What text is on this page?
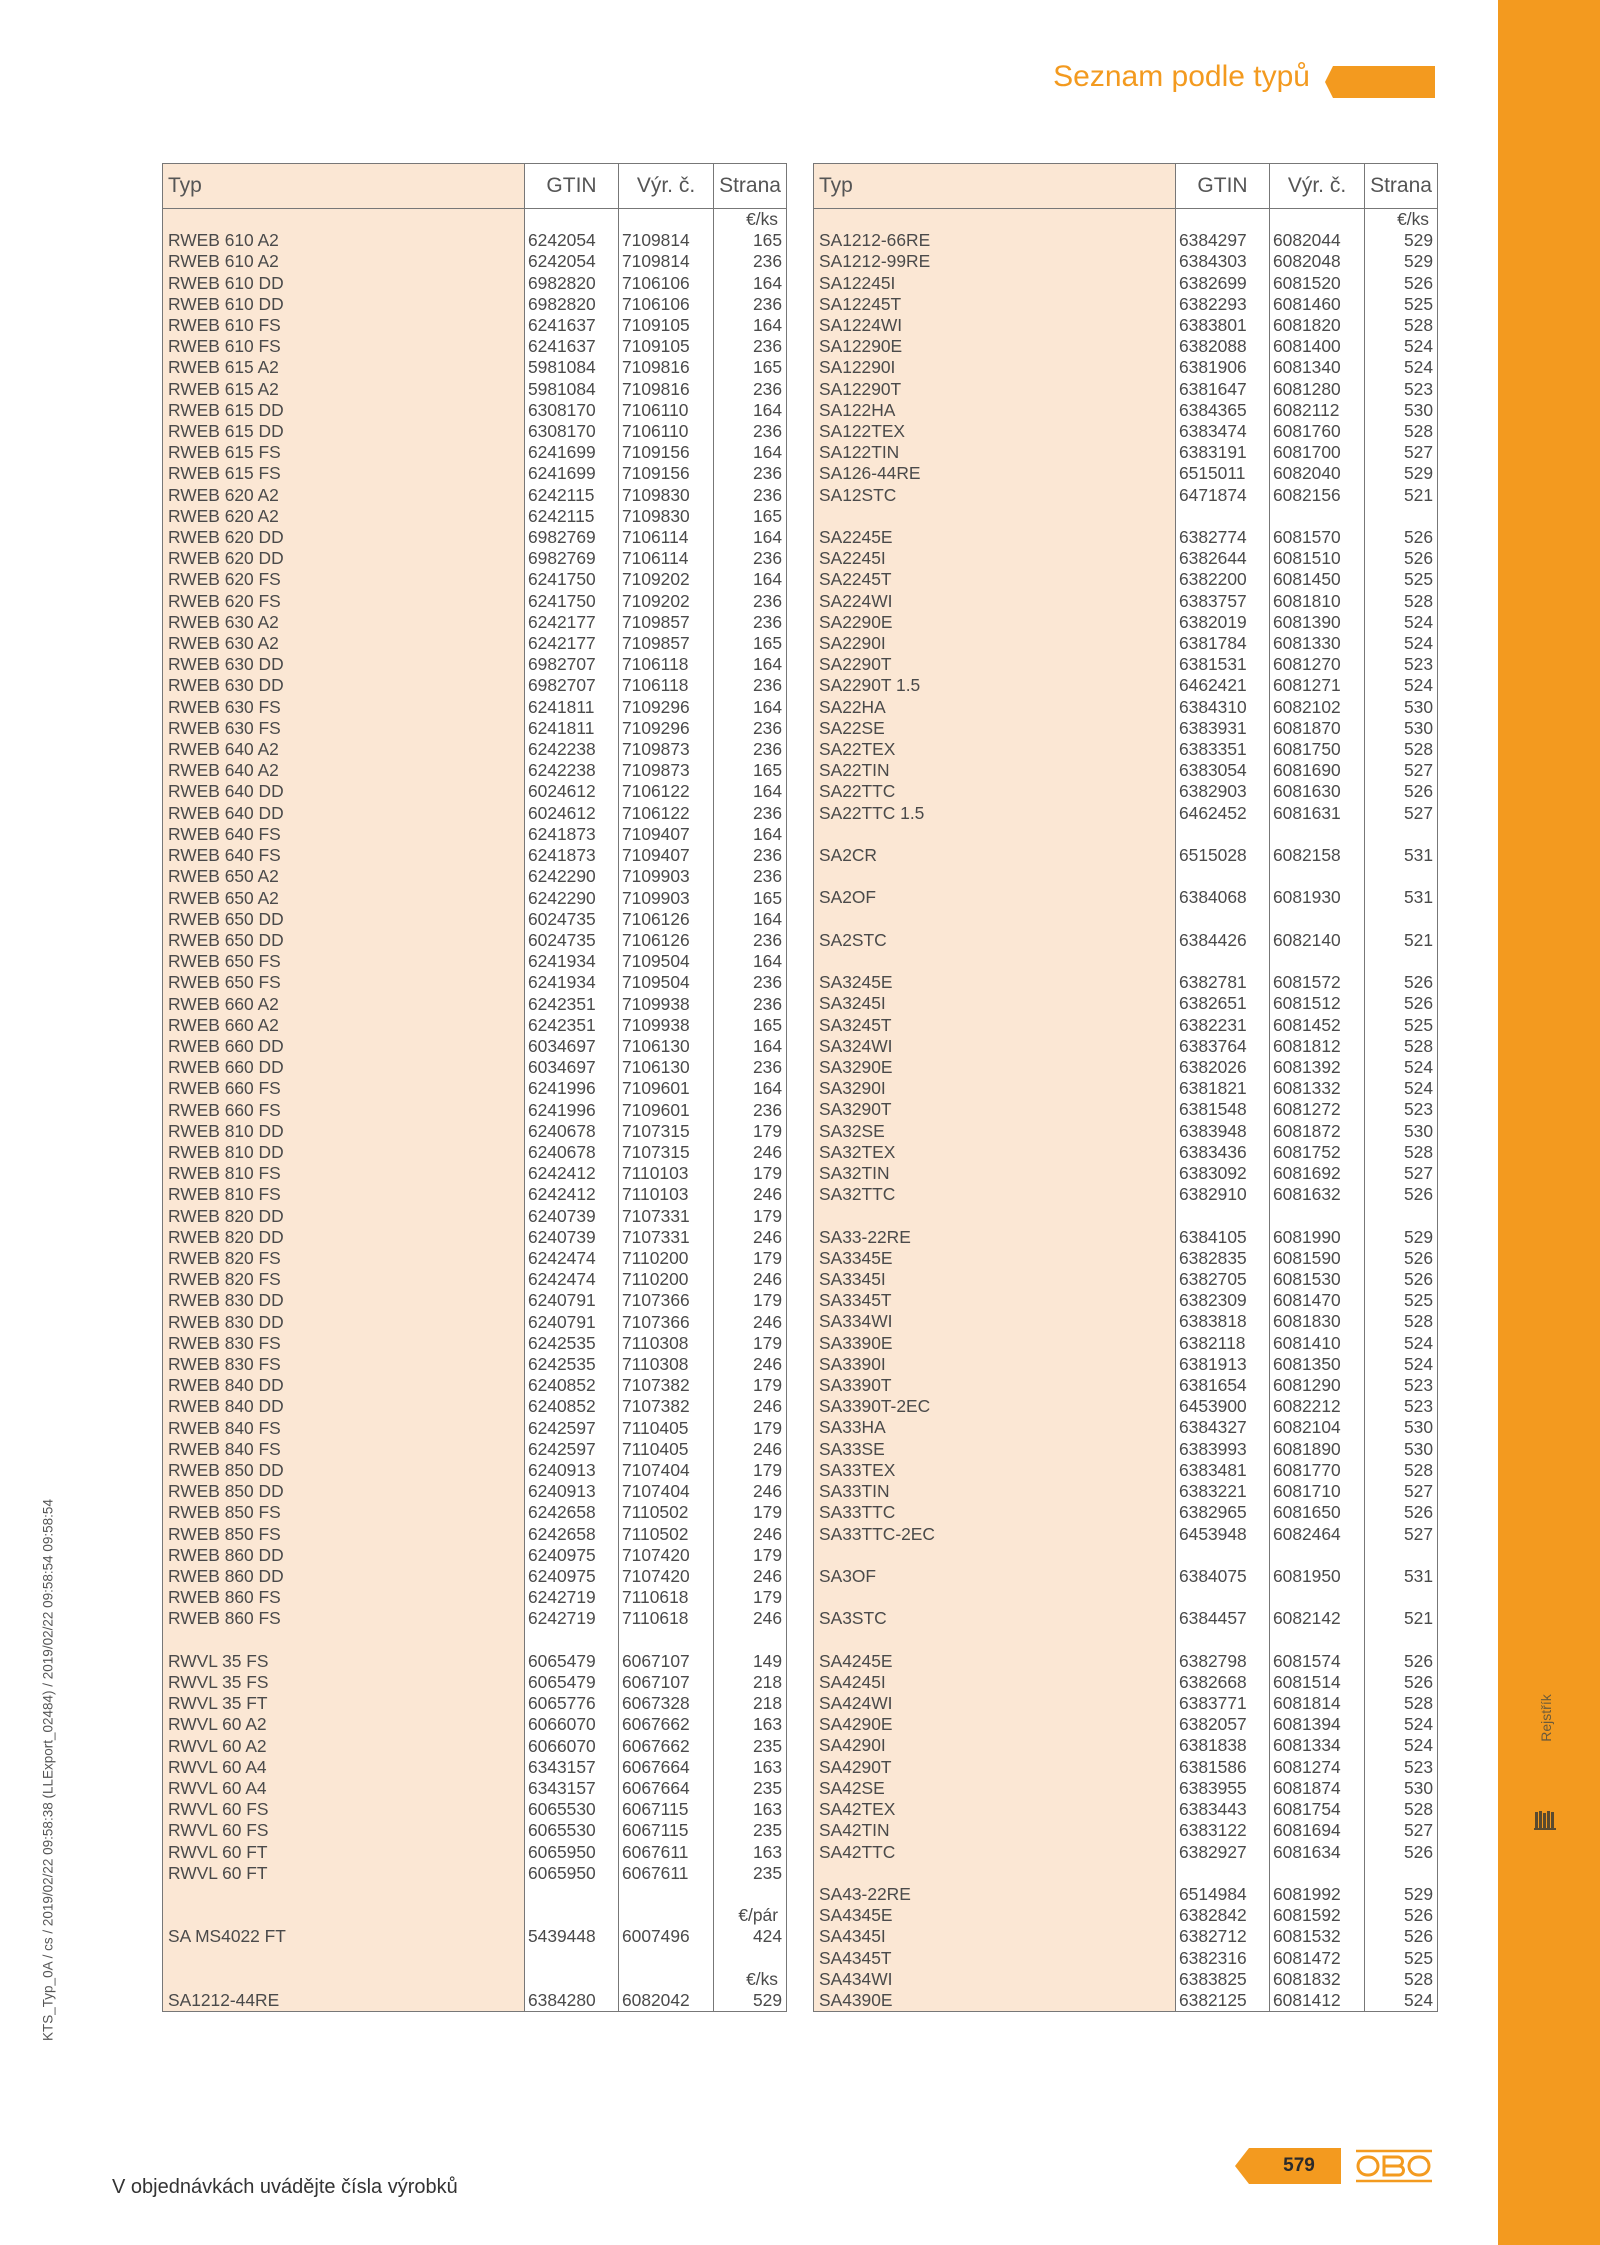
Rejstřík
Seznam podle typů
Typ	GTIN	Výr. č.	Strana
			€/ks
RWEB 610 A2	6242054	7109814	165
RWEB 610 A2	6242054	7109814	236
RWEB 610 DD	6982820	7106106	164
RWEB 610 DD	6982820	7106106	236
RWEB 610 FS	6241637	7109105	164
RWEB 610 FS	6241637	7109105	236
RWEB 615 A2	5981084	7109816	165
RWEB 615 A2	5981084	7109816	236
RWEB 615 DD	6308170	7106110	164
RWEB 615 DD	6308170	7106110	236
RWEB 615 FS	6241699	7109156	164
RWEB 615 FS	6241699	7109156	236
RWEB 620 A2	6242115	7109830	236
RWEB 620 A2	6242115	7109830	165
RWEB 620 DD	6982769	7106114	164
RWEB 620 DD	6982769	7106114	236
RWEB 620 FS	6241750	7109202	164
RWEB 620 FS	6241750	7109202	236
RWEB 630 A2	6242177	7109857	236
RWEB 630 A2	6242177	7109857	165
RWEB 630 DD	6982707	7106118	164
RWEB 630 DD	6982707	7106118	236
RWEB 630 FS	6241811	7109296	164
RWEB 630 FS	6241811	7109296	236
RWEB 640 A2	6242238	7109873	236
RWEB 640 A2	6242238	7109873	165
RWEB 640 DD	6024612	7106122	164
RWEB 640 DD	6024612	7106122	236
RWEB 640 FS	6241873	7109407	164
RWEB 640 FS	6241873	7109407	236
RWEB 650 A2	6242290	7109903	236
RWEB 650 A2	6242290	7109903	165
RWEB 650 DD	6024735	7106126	164
RWEB 650 DD	6024735	7106126	236
RWEB 650 FS	6241934	7109504	164
RWEB 650 FS	6241934	7109504	236
RWEB 660 A2	6242351	7109938	236
RWEB 660 A2	6242351	7109938	165
RWEB 660 DD	6034697	7106130	164
RWEB 660 DD	6034697	7106130	236
RWEB 660 FS	6241996	7109601	164
RWEB 660 FS	6241996	7109601	236
RWEB 810 DD	6240678	7107315	179
RWEB 810 DD	6240678	7107315	246
RWEB 810 FS	6242412	7110103	179
RWEB 810 FS	6242412	7110103	246
RWEB 820 DD	6240739	7107331	179
RWEB 820 DD	6240739	7107331	246
RWEB 820 FS	6242474	7110200	179
RWEB 820 FS	6242474	7110200	246
RWEB 830 DD	6240791	7107366	179
RWEB 830 DD	6240791	7107366	246
RWEB 830 FS	6242535	7110308	179
RWEB 830 FS	6242535	7110308	246
RWEB 840 DD	6240852	7107382	179
RWEB 840 DD	6240852	7107382	246
RWEB 840 FS	6242597	7110405	179
RWEB 840 FS	6242597	7110405	246
RWEB 850 DD	6240913	7107404	179
RWEB 850 DD	6240913	7107404	246
RWEB 850 FS	6242658	7110502	179
RWEB 850 FS	6242658	7110502	246
RWEB 860 DD	6240975	7107420	179
RWEB 860 DD	6240975	7107420	246
RWEB 860 FS	6242719	7110618	179
RWEB 860 FS	6242719	7110618	246

RWVL 35 FS	6065479	6067107	149
RWVL 35 FS	6065479	6067107	218
RWVL 35 FT	6065776	6067328	218
RWVL 60 A2	6066070	6067662	163
RWVL 60 A2	6066070	6067662	235
RWVL 60 A4	6343157	6067664	163
RWVL 60 A4	6343157	6067664	235
RWVL 60 FS	6065530	6067115	163
RWVL 60 FS	6065530	6067115	235
RWVL 60 FT	6065950	6067611	163
RWVL 60 FT	6065950	6067611	235

			€/pár
SA MS4022 FT	5439448	6007496	424

			€/ks
SA1212-44RE	6384280	6082042	529
Typ	GTIN	Výr. č.	Strana
			€/ks
SA1212-66RE	6384297	6082044	529
SA1212-99RE	6384303	6082048	529
SA12245I	6382699	6081520	526
SA12245T	6382293	6081460	525
SA1224WI	6383801	6081820	528
SA12290E	6382088	6081400	524
SA12290I	6381906	6081340	524
SA12290T	6381647	6081280	523
SA122HA	6384365	6082112	530
SA122TEX	6383474	6081760	528
SA122TIN	6383191	6081700	527
SA126-44RE	6515011	6082040	529
SA12STC	6471874	6082156	521

SA2245E	6382774	6081570	526
SA2245I	6382644	6081510	526
SA2245T	6382200	6081450	525
SA224WI	6383757	6081810	528
SA2290E	6382019	6081390	524
SA2290I	6381784	6081330	524
SA2290T	6381531	6081270	523
SA2290T 1.5	6462421	6081271	524
SA22HA	6384310	6082102	530
SA22SE	6383931	6081870	530
SA22TEX	6383351	6081750	528
SA22TIN	6383054	6081690	527
SA22TTC	6382903	6081630	526
SA22TTC 1.5	6462452	6081631	527

SA2CR	6515028	6082158	531

SA2OF	6384068	6081930	531

SA2STC	6384426	6082140	521

SA3245E	6382781	6081572	526
SA3245I	6382651	6081512	526
SA3245T	6382231	6081452	525
SA324WI	6383764	6081812	528
SA3290E	6382026	6081392	524
SA3290I	6381821	6081332	524
SA3290T	6381548	6081272	523
SA32SE	6383948	6081872	530
SA32TEX	6383436	6081752	528
SA32TIN	6383092	6081692	527
SA32TTC	6382910	6081632	526

SA33-22RE	6384105	6081990	529
SA3345E	6382835	6081590	526
SA3345I	6382705	6081530	526
SA3345T	6382309	6081470	525
SA334WI	6383818	6081830	528
SA3390E	6382118	6081410	524
SA3390I	6381913	6081350	524
SA3390T	6381654	6081290	523
SA3390T-2EC	6453900	6082212	523
SA33HA	6384327	6082104	530
SA33SE	6383993	6081890	530
SA33TEX	6383481	6081770	528
SA33TIN	6383221	6081710	527
SA33TTC	6382965	6081650	526
SA33TTC-2EC	6453948	6082464	527

SA3OF	6384075	6081950	531

SA3STC	6384457	6082142	521

SA4245E	6382798	6081574	526
SA4245I	6382668	6081514	526
SA424WI	6383771	6081814	528
SA4290E	6382057	6081394	524
SA4290I	6381838	6081334	524
SA4290T	6381586	6081274	523
SA42SE	6383955	6081874	530
SA42TEX	6383443	6081754	528
SA42TIN	6383122	6081694	527
SA42TTC	6382927	6081634	526

SA43-22RE	6514984	6081992	529
SA4345E	6382842	6081592	526
SA4345I	6382712	6081532	526
SA4345T	6382316	6081472	525
SA434WI	6383825	6081832	528
SA4390E	6382125	6081412	524
KTS_Typ_0A / cs / 2019/02/22 09:58:38 (LLExport_02484) / 2019/02/22 09:58:54 09:58:54
V objednávkách uvádějte čísla výrobků
579
